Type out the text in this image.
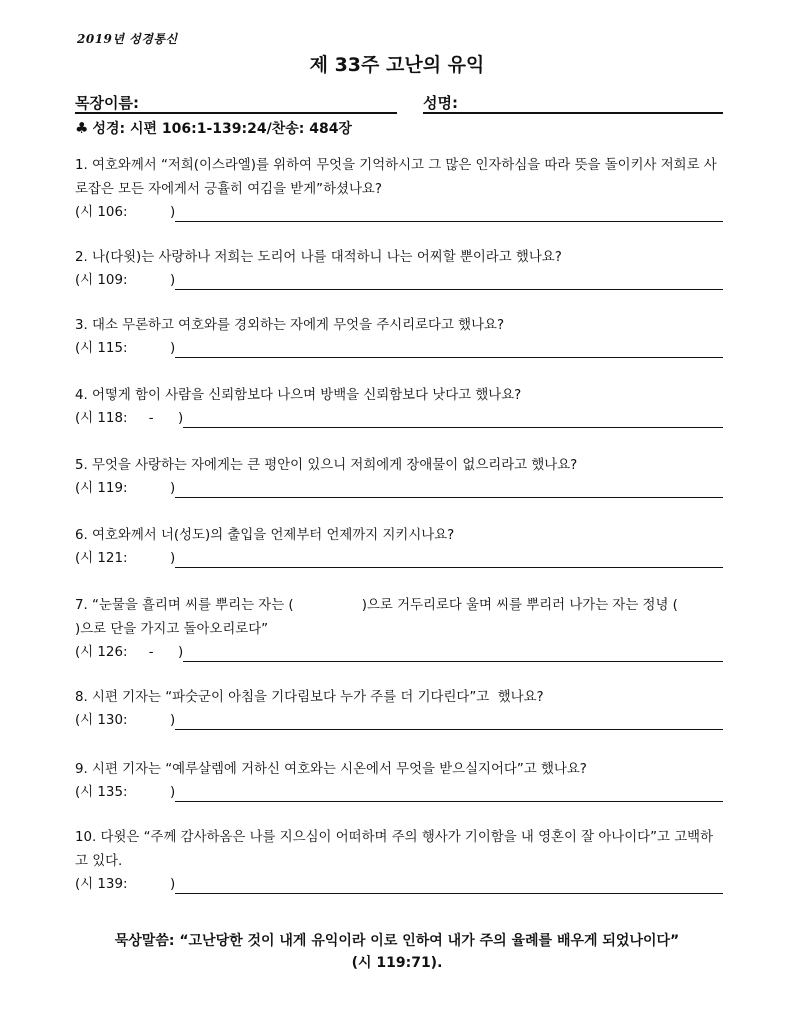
2019년 성경통신
제 33주 고난의 유익
목장이름:	성명:
♣ 성경: 시편 106:1-139:24/찬송: 484장
1. 여호와께서 “저희(이스라엘)를 위하여 무엇을 기억하시고 그 많은 인자하심을 따라 뜻을 돌이키사 저희로 사로잡은 모든 자에게서 긍휼히 여김을 받게”하셨나요?
(시 106:	)
2. 나(다윗)는 사랑하나 저희는 도리어 나를 대적하니 나는 어찌할 뿐이라고 했나요?
(시 109:	)
3. 대소 무론하고 여호와를 경외하는 자에게 무엇을 주시리로다고 했나요?
(시 115:	)
4. 어떻게 함이 사람을 신뢰함보다 나으며 방백을 신뢰함보다 낫다고 했나요?
(시 118:     - )
5. 무엇을 사랑하는 자에게는 큰 평안이 있으니 저희에게 장애물이 없으리라고 했나요?
(시 119:	)
6. 여호와께서 너(성도)의 출입을 언제부터 언제까지 지키시나요?
(시 121:	)
7. “눈물을 흘리며 씨를 뿌리는 자는 (                )으로 거두리로다 울며 씨를 뿌리러 나가는 자는 정녕 (                )으로 단을 가지고 돌아오리로다”
(시 126:     - )
8. 시편 기자는 “파숫군이 아침을 기다림보다 누가 주를 더 기다린다”고  했나요?
(시 130:	)
9. 시편 기자는 “예루살렘에 거하신 여호와는 시온에서 무엇을 받으실지어다”고 했나요?
(시 135:	)
10. 다윗은 “주께 감사하옴은 나를 지으심이 어떠하며 주의 행사가 기이함을 내 영혼이 잘 아나이다”고 고백하고 있다.
(시 139:	)
묵상말씀: “고난당한 것이 내게 유익이라 이로 인하여 내가 주의 율례를 배우게 되었나이다”
(시 119:71).
